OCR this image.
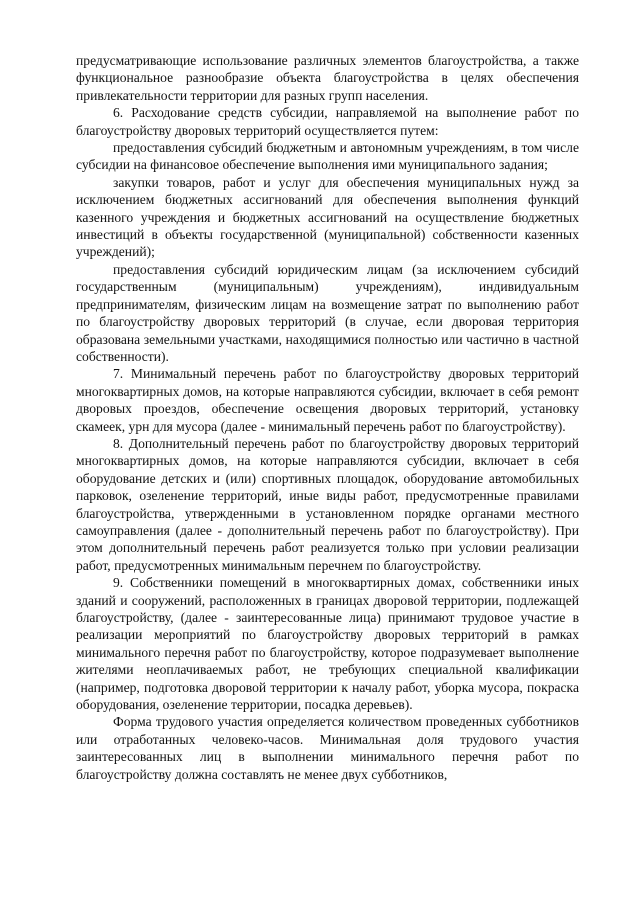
предусматривающие использование различных элементов благоустройства, а также функциональное разнообразие объекта благоустройства в целях обеспечения привлекательности территории для разных групп населения.

6. Расходование средств субсидии, направляемой на выполнение работ по благоустройству дворовых территорий осуществляется путем:

предоставления субсидий бюджетным и автономным учреждениям, в том числе субсидии на финансовое обеспечение выполнения ими муниципального задания;

закупки товаров, работ и услуг для обеспечения муниципальных нужд за исключением бюджетных ассигнований для обеспечения выполнения функций казенного учреждения и бюджетных ассигнований на осуществление бюджетных инвестиций в объекты государственной (муниципальной) собственности казенных учреждений);

предоставления субсидий юридическим лицам (за исключением субсидий государственным (муниципальным) учреждениям), индивидуальным предпринимателям, физическим лицам на возмещение затрат по выполнению работ по благоустройству дворовых территорий (в случае, если дворовая территория образована земельными участками, находящимися полностью или частично в частной собственности).

7. Минимальный перечень работ по благоустройству дворовых территорий многоквартирных домов, на которые направляются субсидии, включает в себя ремонт дворовых проездов, обеспечение освещения дворовых территорий, установку скамеек, урн для мусора (далее - минимальный перечень работ по благоустройству).

8. Дополнительный перечень работ по благоустройству дворовых территорий многоквартирных домов, на которые направляются субсидии, включает в себя оборудование детских и (или) спортивных площадок, оборудование автомобильных парковок, озеленение территорий, иные виды работ, предусмотренные правилами благоустройства, утвержденными в установленном порядке органами местного самоуправления (далее - дополнительный перечень работ по благоустройству). При этом дополнительный перечень работ реализуется только при условии реализации работ, предусмотренных минимальным перечнем по благоустройству.

9. Собственники помещений в многоквартирных домах, собственники иных зданий и сооружений, расположенных в границах дворовой территории, подлежащей благоустройству, (далее - заинтересованные лица) принимают трудовое участие в реализации мероприятий по благоустройству дворовых территорий в рамках минимального перечня работ по благоустройству, которое подразумевает выполнение жителями неоплачиваемых работ, не требующих специальной квалификации (например, подготовка дворовой территории к началу работ, уборка мусора, покраска оборудования, озеленение территории, посадка деревьев).

Форма трудового участия определяется количеством проведенных субботников или отработанных человеко-часов. Минимальная доля трудового участия заинтересованных лиц в выполнении минимального перечня работ по благоустройству должна составлять не менее двух субботников,
